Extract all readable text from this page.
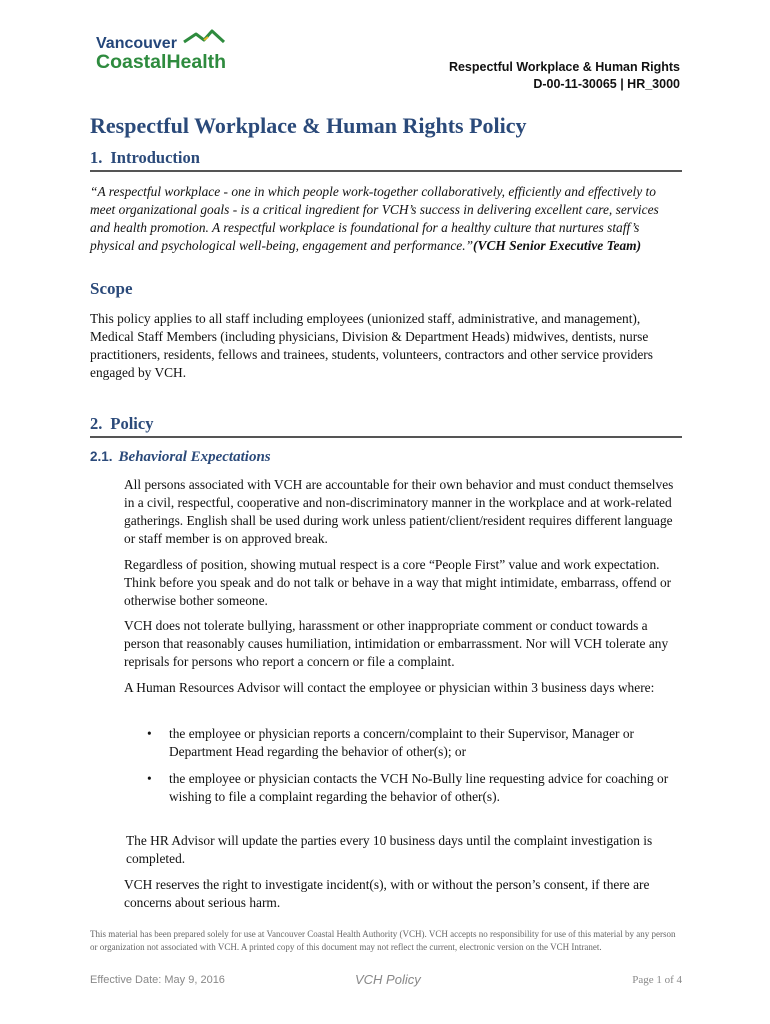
Vancouver
CoastalHealth	Respectful Workplace & Human Rights
D-00-11-30065 | HR_3000
Respectful Workplace & Human Rights Policy
1. Introduction
“A respectful workplace - one in which people work-together collaboratively, efficiently and effectively to meet organizational goals - is a critical ingredient for VCH’s success in delivering excellent care, services and health promotion. A respectful workplace is foundational for a healthy culture that nurtures staff’s physical and psychological well-being, engagement and performance.”(VCH Senior Executive Team)
Scope
This policy applies to all staff including employees (unionized staff, administrative, and management), Medical Staff Members (including physicians, Division & Department Heads) midwives, dentists, nurse practitioners, residents, fellows and trainees, students, volunteers, contractors and other service providers engaged by VCH.
2. Policy
2.1. Behavioral Expectations
All persons associated with VCH are accountable for their own behavior and must conduct themselves in a civil, respectful, cooperative and non-discriminatory manner in the workplace and at work-related gatherings. English shall be used during work unless patient/client/resident requires different language or staff member is on approved break.
Regardless of position, showing mutual respect is a core “People First” value and work expectation. Think before you speak and do not talk or behave in a way that might intimidate, embarrass, offend or otherwise bother someone.
VCH does not tolerate bullying, harassment or other inappropriate comment or conduct towards a person that reasonably causes humiliation, intimidation or embarrassment. Nor will VCH tolerate any reprisals for persons who report a concern or file a complaint.
A Human Resources Advisor will contact the employee or physician within 3 business days where:
• the employee or physician reports a concern/complaint to their Supervisor, Manager or Department Head regarding the behavior of other(s); or
• the employee or physician contacts the VCH No-Bully line requesting advice for coaching or wishing to file a complaint regarding the behavior of other(s).
The HR Advisor will update the parties every 10 business days until the complaint investigation is completed.
VCH reserves the right to investigate incident(s), with or without the person’s consent, if there are concerns about serious harm.
This material has been prepared solely for use at Vancouver Coastal Health Authority (VCH). VCH accepts no responsibility for use of this material by any person or organization not associated with VCH. A printed copy of this document may not reflect the current, electronic version on the VCH Intranet.
Effective Date: May 9, 2016	VCH Policy	Page 1 of 4
